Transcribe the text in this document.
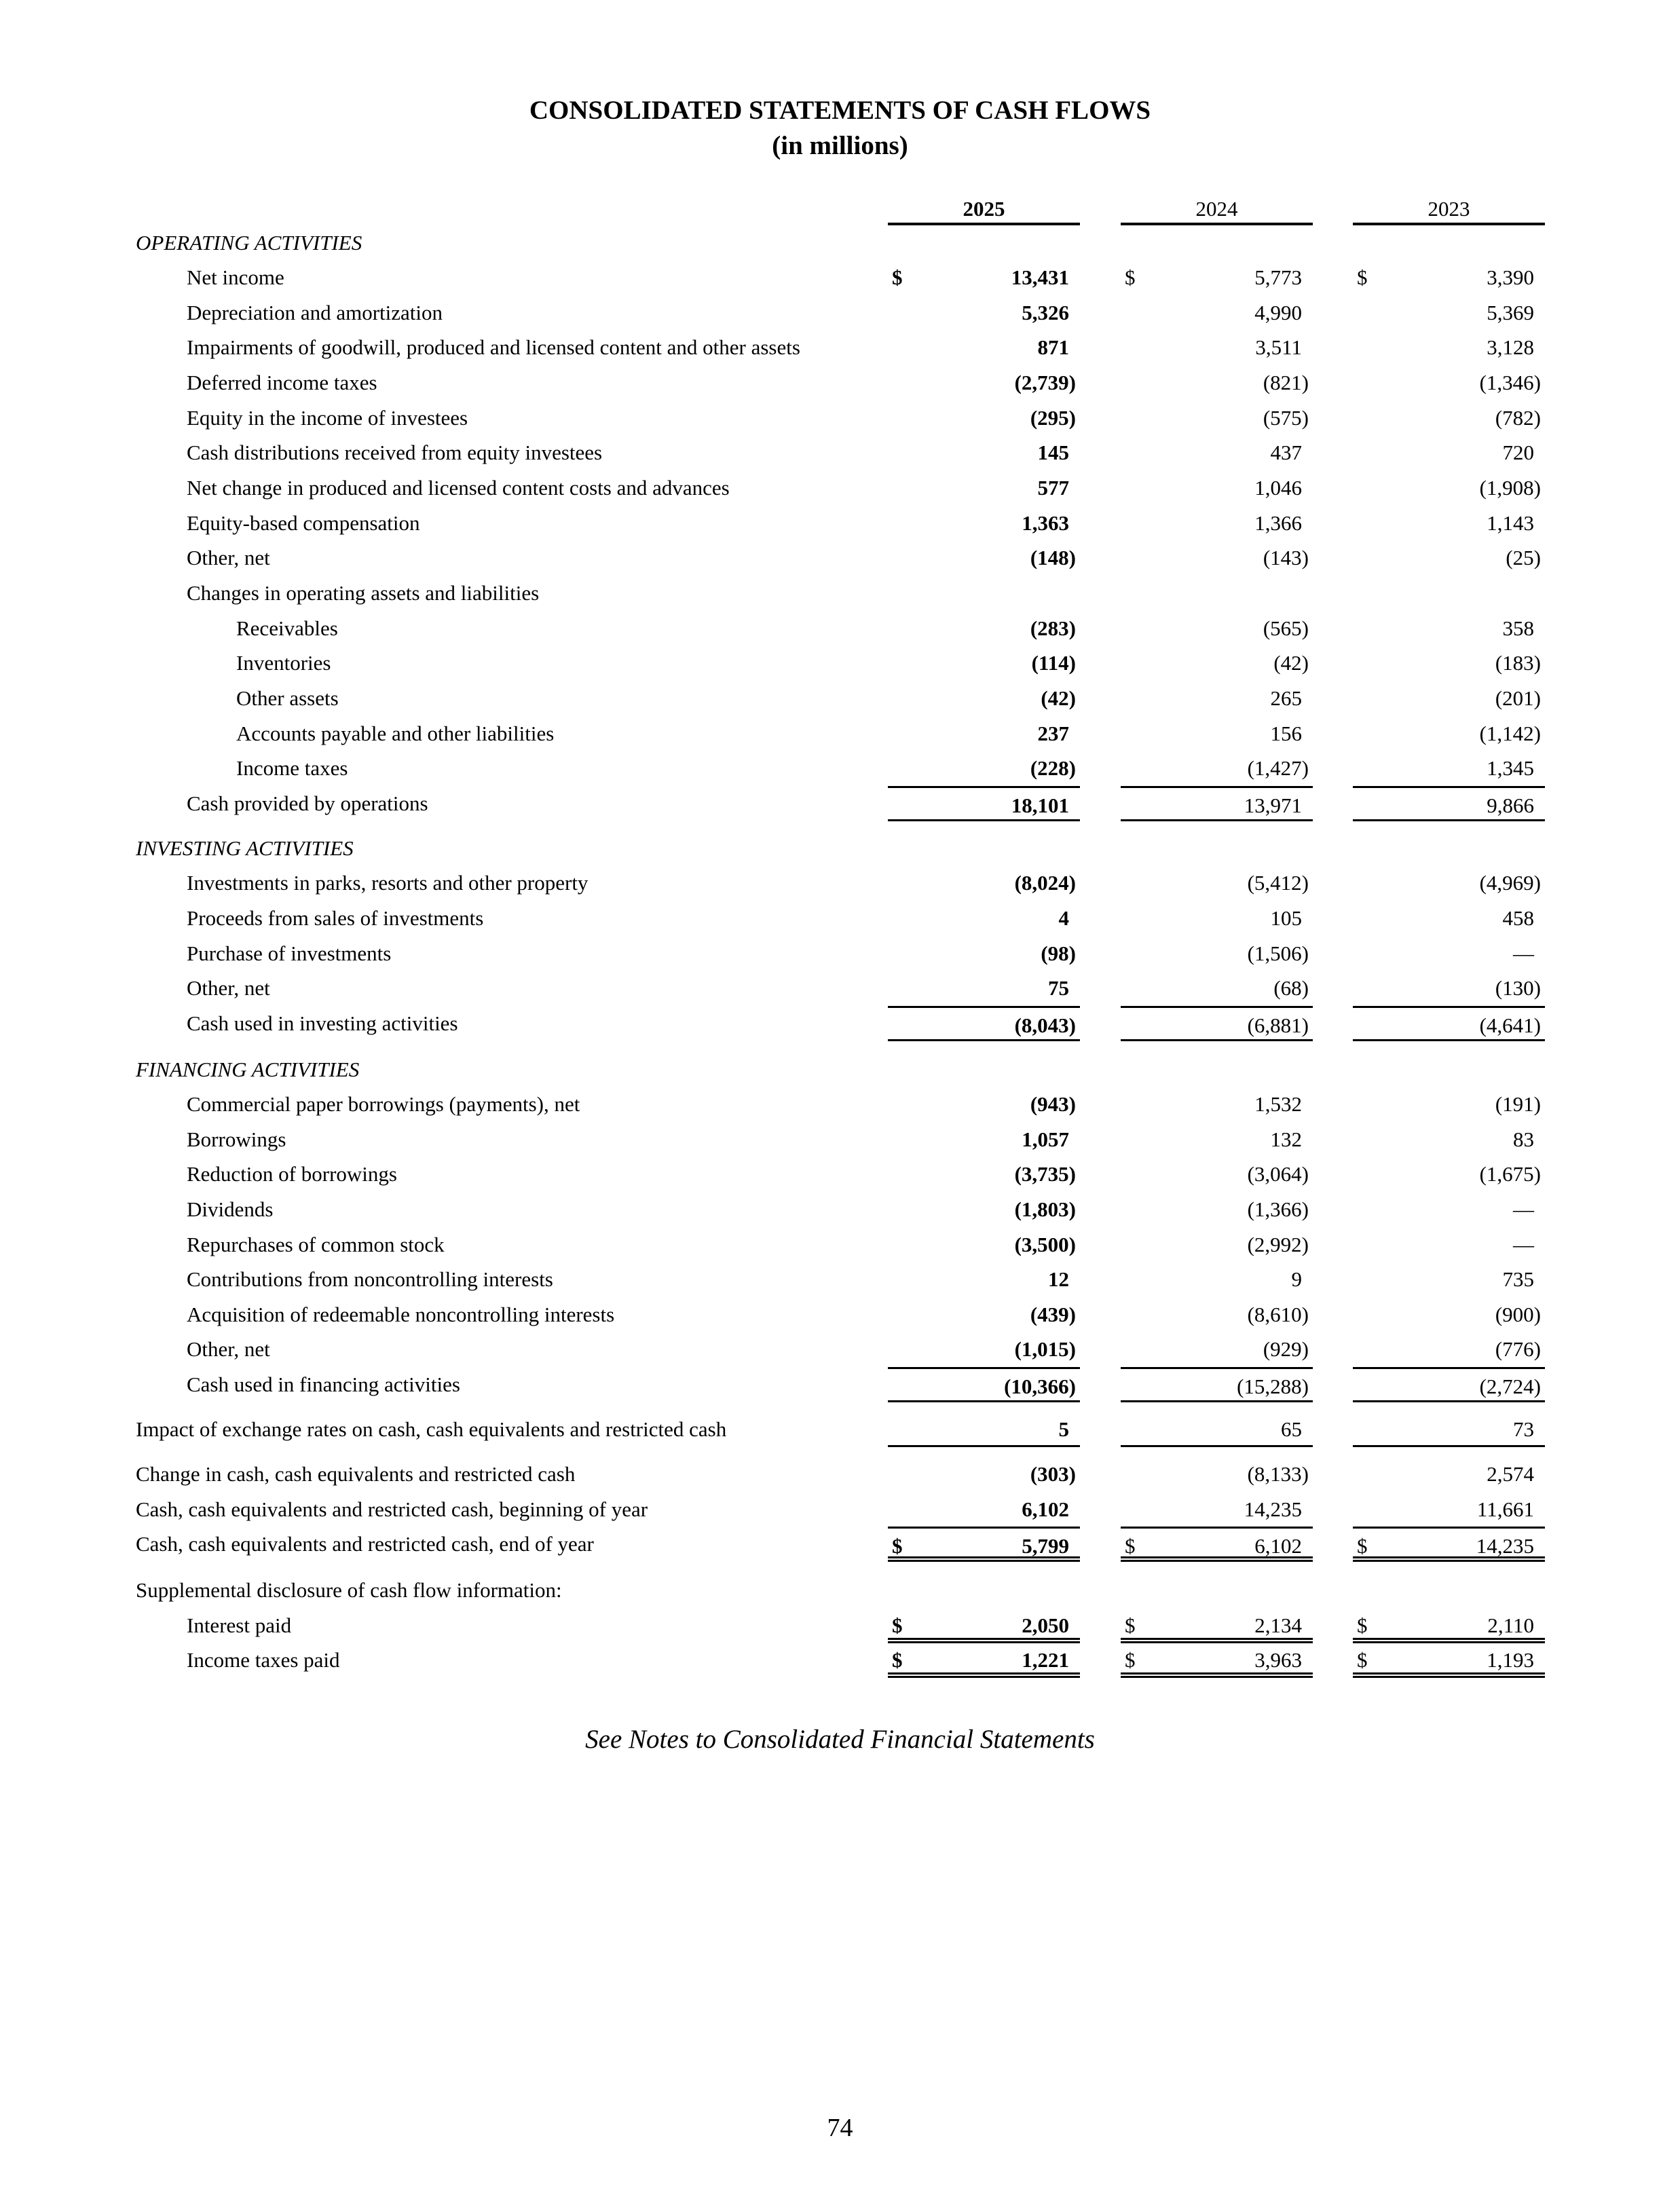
CONSOLIDATED STATEMENTS OF CASH FLOWS
(in millions)
2025	2024	2023
OPERATING ACTIVITIES
Net income	$	13,431	$	5,773	$	3,390
Depreciation and amortization	5,326	4,990	5,369
Impairments of goodwill, produced and licensed content and other assets	871	3,511	3,128
Deferred income taxes	(2,739)	(821)	(1,346)
Equity in the income of investees	(295)	(575)	(782)
Cash distributions received from equity investees	145	437	720
Net change in produced and licensed content costs and advances	577	1,046	(1,908)
Equity-based compensation	1,363	1,366	1,143
Other, net	(148)	(143)	(25)
Changes in operating assets and liabilities
Receivables	(283)	(565)	358
Inventories	(114)	(42)	(183)
Other assets	(42)	265	(201)
Accounts payable and other liabilities	237	156	(1,142)
Income taxes	(228)	(1,427)	1,345
Cash provided by operations	18,101	13,971	9,866
INVESTING ACTIVITIES
Investments in parks, resorts and other property	(8,024)	(5,412)	(4,969)
Proceeds from sales of investments	4	105	458
Purchase of investments	(98)	(1,506)	—
Other, net	75	(68)	(130)
Cash used in investing activities	(8,043)	(6,881)	(4,641)
FINANCING ACTIVITIES
Commercial paper borrowings (payments), net	(943)	1,532	(191)
Borrowings	1,057	132	83
Reduction of borrowings	(3,735)	(3,064)	(1,675)
Dividends	(1,803)	(1,366)	—
Repurchases of common stock	(3,500)	(2,992)	—
Contributions from noncontrolling interests	12	9	735
Acquisition of redeemable noncontrolling interests	(439)	(8,610)	(900)
Other, net	(1,015)	(929)	(776)
Cash used in financing activities	(10,366)	(15,288)	(2,724)
Impact of exchange rates on cash, cash equivalents and restricted cash	5	65	73
Change in cash, cash equivalents and restricted cash	(303)	(8,133)	2,574
Cash, cash equivalents and restricted cash, beginning of year	6,102	14,235	11,661
Cash, cash equivalents and restricted cash, end of year	$	5,799	$	6,102	$	14,235
Supplemental disclosure of cash flow information:
Interest paid	$	2,050	$	2,134	$	2,110
Income taxes paid	$	1,221	$	3,963	$	1,193
See Notes to Consolidated Financial Statements
74
